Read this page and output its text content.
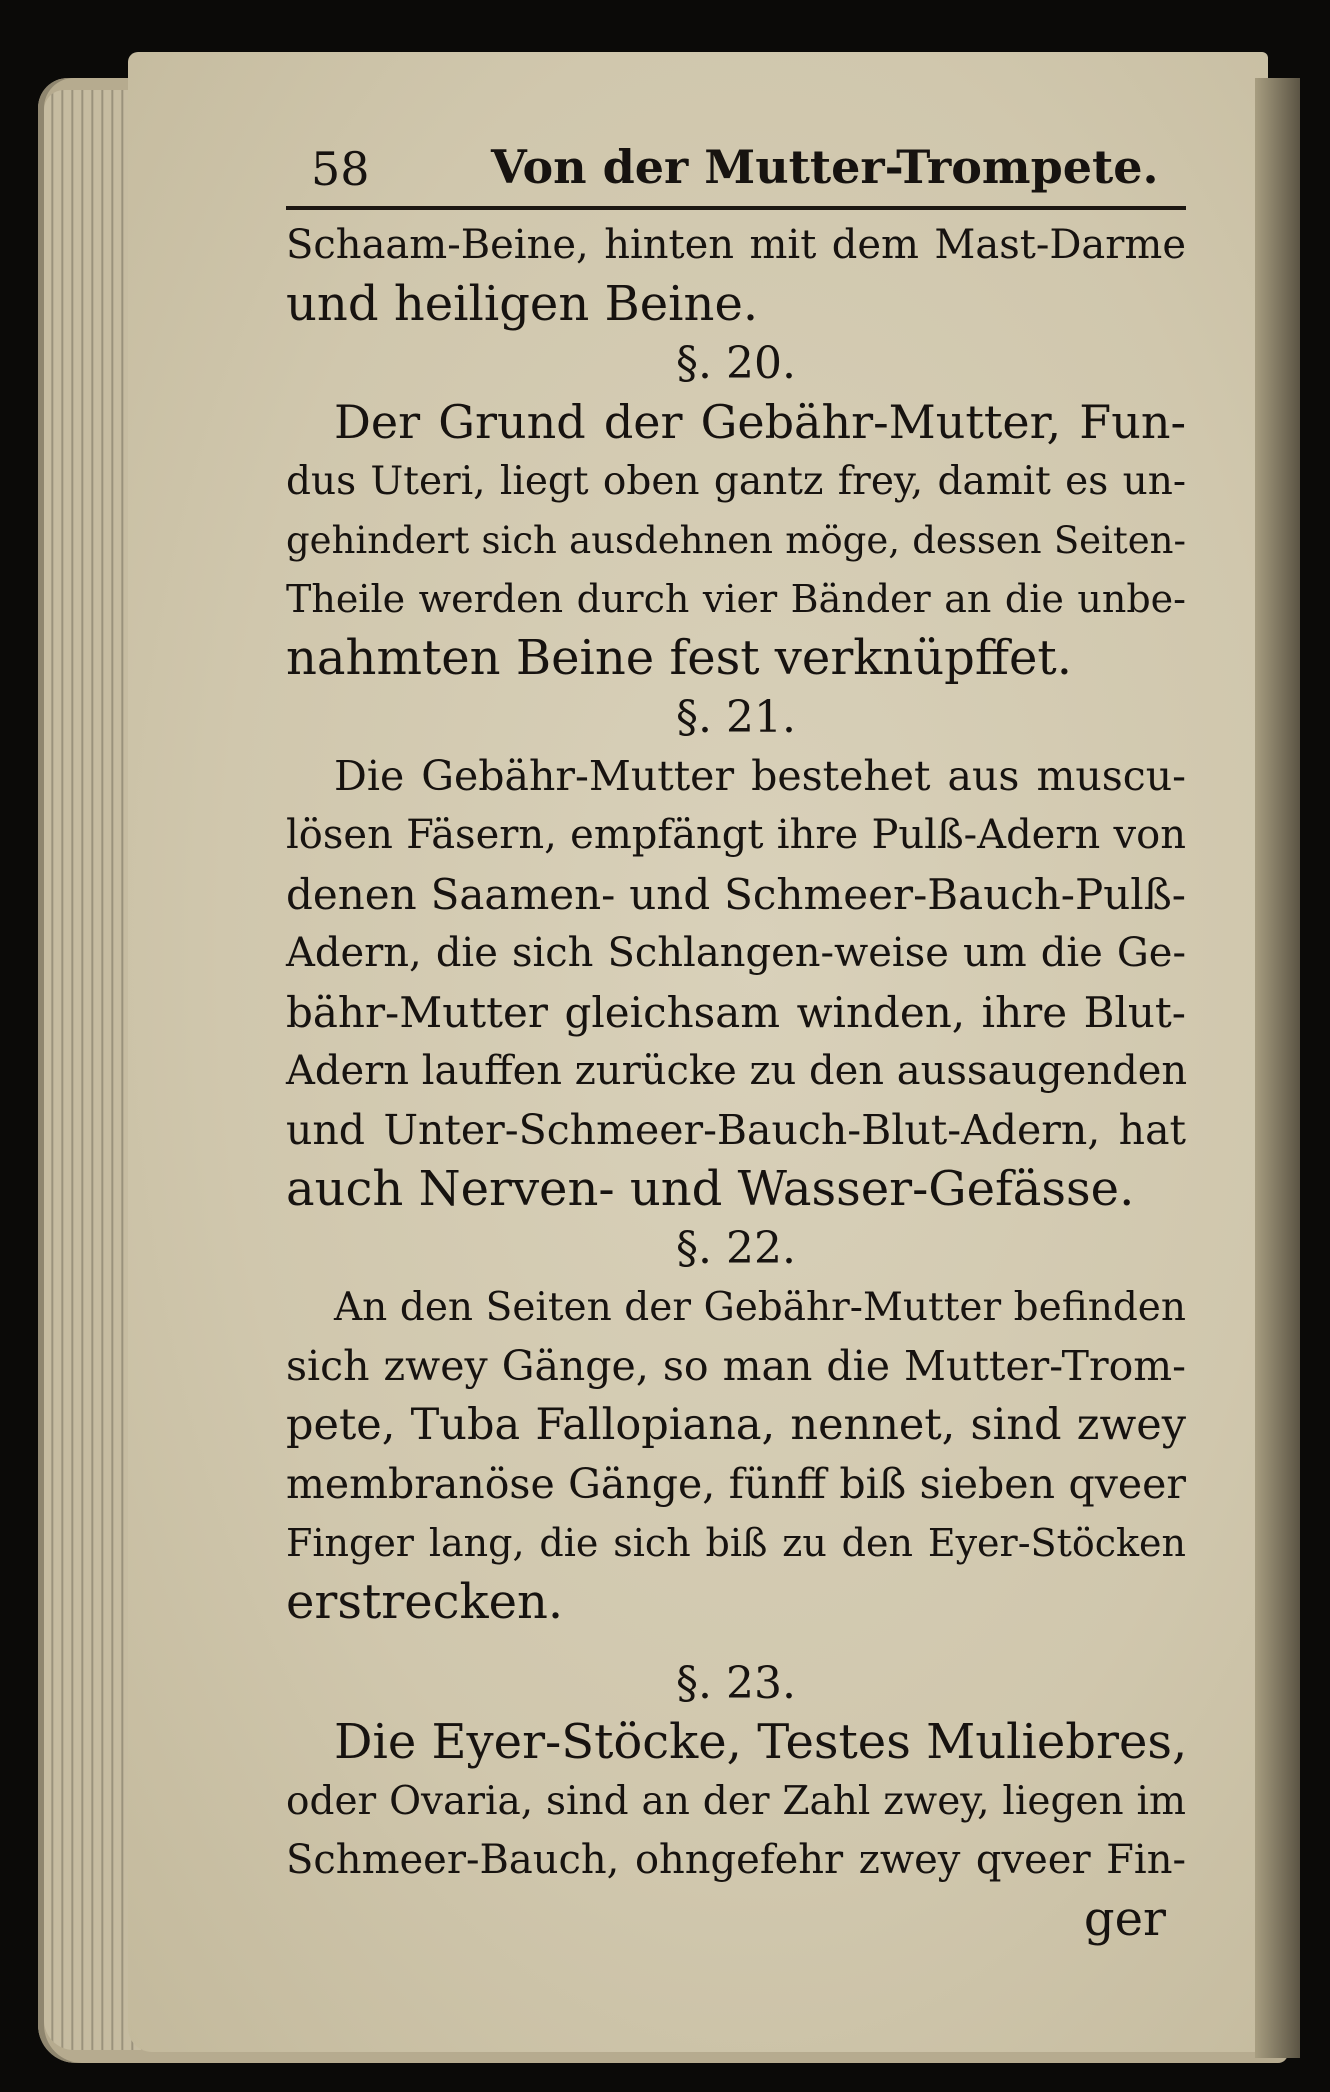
58	Von der Mutter-Trompete.
Schaam-Beine, hinten mit dem Mast-Darme
und heiligen Beine.
§. 20.
Der Grund der Gebähr-Mutter, Fun-
dus Uteri, liegt oben gantz frey, damit es un-
gehindert sich ausdehnen möge, dessen Seiten-
Theile werden durch vier Bänder an die unbe-
nahmten Beine fest verknüpffet.
§. 21.
Die Gebähr-Mutter bestehet aus muscu-
lösen Fäsern, empfängt ihre Pulß-Adern von
denen Saamen- und Schmeer-Bauch-Pulß-
Adern, die sich Schlangen-weise um die Ge-
bähr-Mutter gleichsam winden, ihre Blut-
Adern lauffen zurücke zu den aussaugenden
und Unter-Schmeer-Bauch-Blut-Adern, hat
auch Nerven- und Wasser-Gefässe.
§. 22.
An den Seiten der Gebähr-Mutter befinden
sich zwey Gänge, so man die Mutter-Trom-
pete, Tuba Fallopiana, nennet, sind zwey
membranöse Gänge, fünff biß sieben qveer
Finger lang, die sich biß zu den Eyer-Stöcken
erstrecken.
§. 23.
Die Eyer-Stöcke, Testes Muliebres,
oder Ovaria, sind an der Zahl zwey, liegen im
Schmeer-Bauch, ohngefehr zwey qveer Fin-
ger
